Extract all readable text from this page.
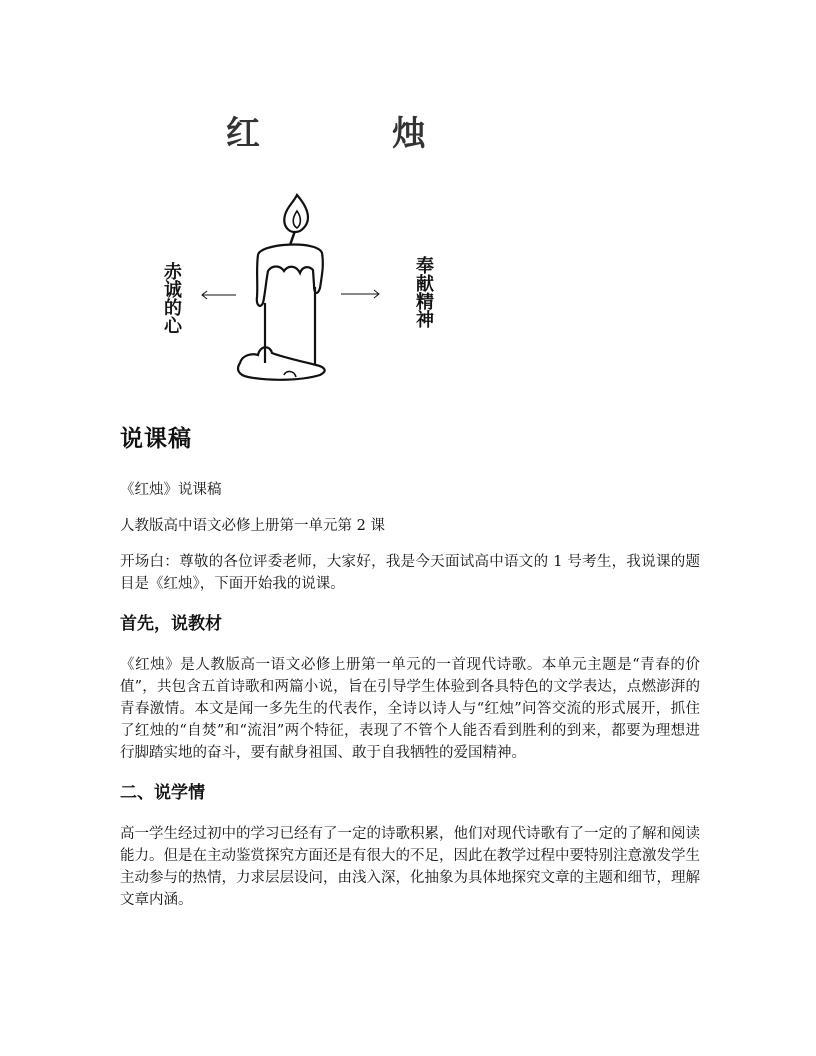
红 烛
赤诚的心	奉献精神
说课稿

《红烛》说课稿

人教版高中语文必修上册第一单元第 2 课

开场白：尊敬的各位评委老师，大家好，我是今天面试高中语文的 1 号考生，我说课的题目是《红烛》，下面开始我的说课。

首先，说教材

《红烛》是人教版高一语文必修上册第一单元的一首现代诗歌。本单元主题是“青春的价值”，共包含五首诗歌和两篇小说，旨在引导学生体验到各具特色的文学表达，点燃澎湃的青春激情。本文是闻一多先生的代表作，全诗以诗人与“红烛”问答交流的形式展开，抓住了红烛的“自焚”和“流泪”两个特征，表现了不管个人能否看到胜利的到来，都要为理想进行脚踏实地的奋斗，要有献身祖国、敢于自我牺牲的爱国精神。

二、说学情

高一学生经过初中的学习已经有了一定的诗歌积累，他们对现代诗歌有了一定的了解和阅读能力。但是在主动鉴赏探究方面还是有很大的不足，因此在教学过程中要特别注意激发学生主动参与的热情，力求层层设问，由浅入深，化抽象为具体地探究文章的主题和细节，理解文章内涵。
